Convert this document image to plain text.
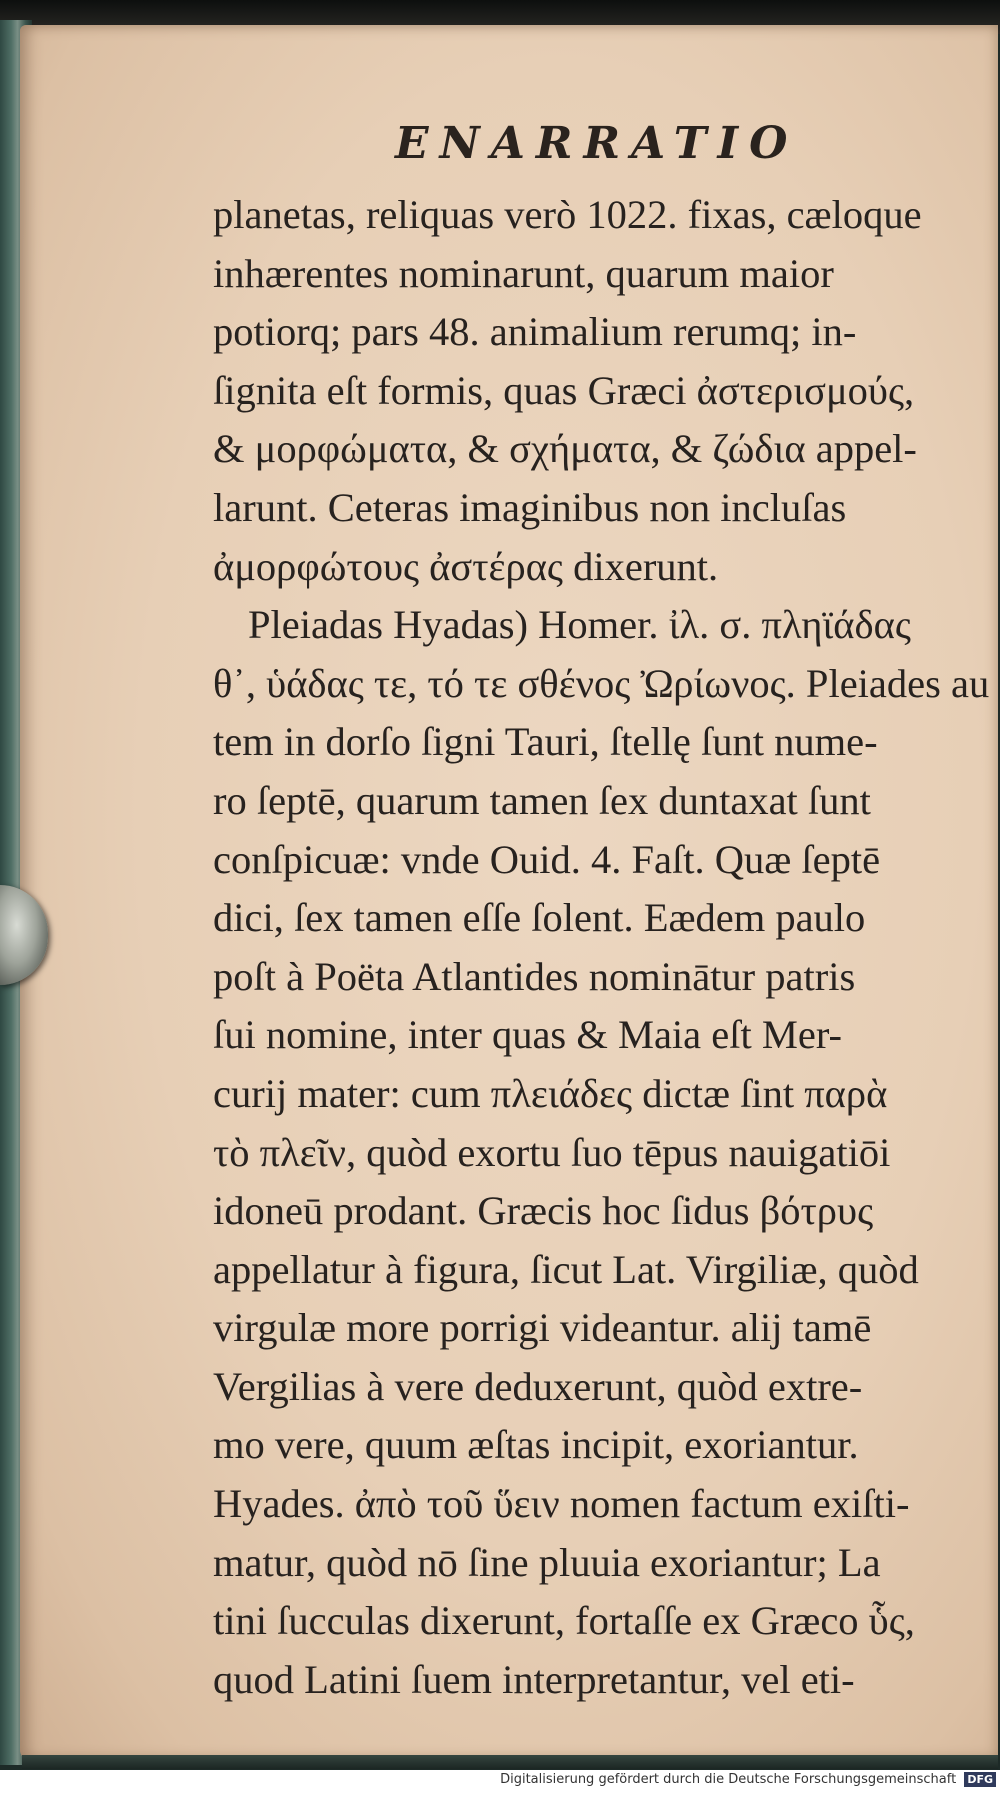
ENARRATIO
planetas, reliquas verò 1022. fixas, cæloque
inhærentes nominarunt, quarum maior
potiorq; pars 48. animalium rerumq; in-
ſignita eſt formis, quas Græci ἀστερισμούς,
& μορφώματα, & σχήματα, & ζώδια appel-
larunt. Ceteras imaginibus non incluſas
ἀμορφώτους ἀστέρας dixerunt.
Pleiadas Hyadas) Homer. ἰλ. σ. πληϊάδας
θ᾽, ὑάδας τε, τό τε σθένος Ὠρίωνος. Pleiades au
tem in dorſo ſigni Tauri, ſtellę ſunt nume-
ro ſeptē, quarum tamen ſex duntaxat ſunt
conſpicuæ: vnde Ouid. 4. Faſt. Quæ ſeptē
dici, ſex tamen eſſe ſolent. Eædem paulo
poſt à Poëta Atlantides nominātur patris
ſui nomine, inter quas & Maia eſt Mer-
curij mater: cum πλειάδες dictæ ſint παρὰ
τὸ πλεῖν, quòd exortu ſuo tēpus nauigatiōi
idoneū prodant. Græcis hoc ſidus βότρυς
appellatur à figura, ſicut Lat. Virgiliæ, quòd
virgulæ more porrigi videantur. alij tamē
Vergilias à vere deduxerunt, quòd extre-
mo vere, quum æſtas incipit, exoriantur.
Hyades. ἀπὸ τοῦ ὕειν nomen factum exiſti-
matur, quòd nō ſine pluuia exoriantur; La
tini ſucculas dixerunt, fortaſſe ex Græco ὗς,
quod Latini ſuem interpretantur, vel eti-
Digitalisierung gefördert durch die Deutsche Forschungsgemeinschaft DFG
